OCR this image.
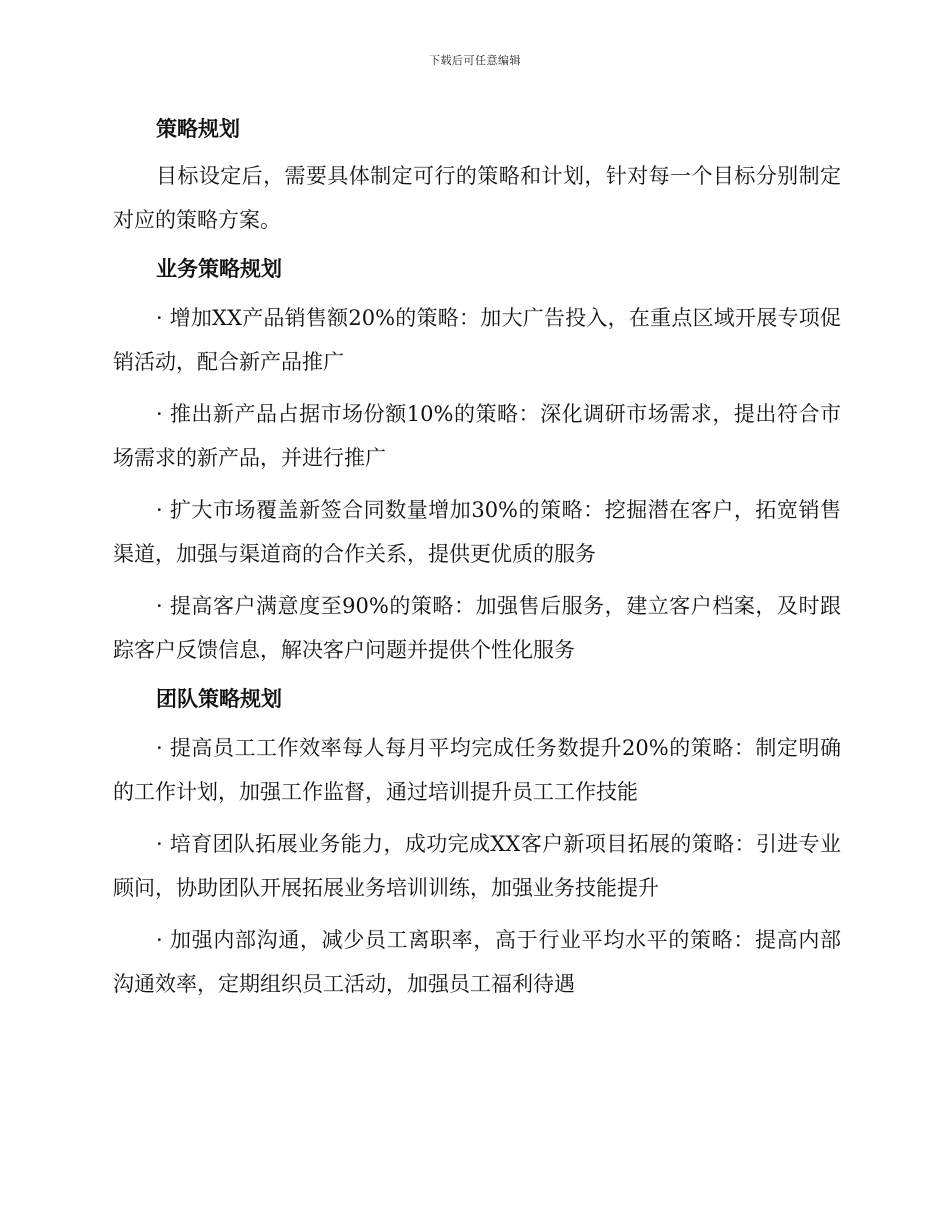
下载后可任意编辑
策略规划

目标设定后，需要具体制定可行的策略和计划，针对每一个目标分别制定对应的策略方案。

业务策略规划

· 增加XX产品销售额20%的策略：加大广告投入，在重点区域开展专项促销活动，配合新产品推广

· 推出新产品占据市场份额10%的策略：深化调研市场需求，提出符合市场需求的新产品，并进行推广

· 扩大市场覆盖新签合同数量增加30%的策略：挖掘潜在客户，拓宽销售渠道，加强与渠道商的合作关系，提供更优质的服务

· 提高客户满意度至90%的策略：加强售后服务，建立客户档案，及时跟踪客户反馈信息，解决客户问题并提供个性化服务

团队策略规划

· 提高员工工作效率每人每月平均完成任务数提升20%的策略：制定明确的工作计划，加强工作监督，通过培训提升员工工作技能

· 培育团队拓展业务能力，成功完成XX客户新项目拓展的策略：引进专业顾问，协助团队开展拓展业务培训训练，加强业务技能提升

· 加强内部沟通，减少员工离职率，高于行业平均水平的策略：提高内部沟通效率，定期组织员工活动，加强员工福利待遇
